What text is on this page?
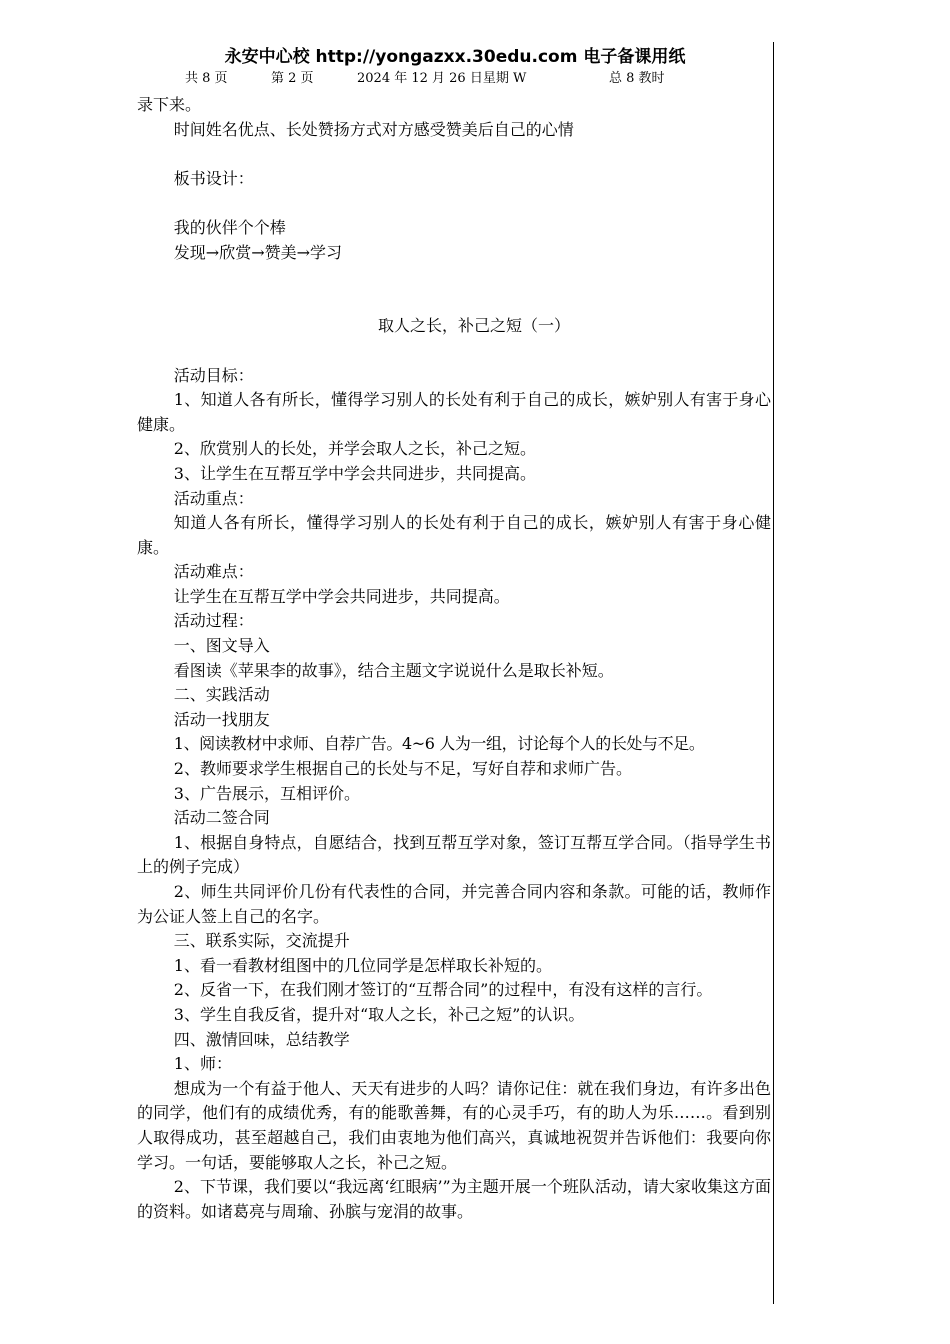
永安中心校 http://yongazxx.30edu.com 电子备课用纸
共 8 页	第 2 页	2024 年 12 月 26 日星期 W	总 8 教时

录下来。

时间姓名优点、长处赞扬方式对方感受赞美后自己的心情

板书设计：

我的伙伴个个棒

发现→欣赏→赞美→学习

取人之长，补己之短（一）

活动目标：

1、知道人各有所长，懂得学习别人的长处有利于自己的成长，嫉妒别人有害于身心健康。

2、欣赏别人的长处，并学会取人之长，补己之短。

3、让学生在互帮互学中学会共同进步，共同提高。

活动重点：

知道人各有所长，懂得学习别人的长处有利于自己的成长，嫉妒别人有害于身心健康。

活动难点：

让学生在互帮互学中学会共同进步，共同提高。

活动过程：

一、图文导入

看图读《苹果李的故事》，结合主题文字说说什么是取长补短。

二、实践活动

活动一找朋友

1、阅读教材中求师、自荐广告。4~6 人为一组，讨论每个人的长处与不足。

2、教师要求学生根据自己的长处与不足，写好自荐和求师广告。

3、广告展示，互相评价。

活动二签合同

1、根据自身特点，自愿结合，找到互帮互学对象，签订互帮互学合同。（指导学生书上的例子完成）

2、师生共同评价几份有代表性的合同，并完善合同内容和条款。可能的话，教师作为公证人签上自己的名字。

三、联系实际，交流提升

1、看一看教材组图中的几位同学是怎样取长补短的。

2、反省一下，在我们刚才签订的“互帮合同”的过程中，有没有这样的言行。

3、学生自我反省，提升对“取人之长，补己之短”的认识。

四、激情回味，总结教学

1、师：

想成为一个有益于他人、天天有进步的人吗？请你记住：就在我们身边，有许多出色的同学，他们有的成绩优秀，有的能歌善舞，有的心灵手巧，有的助人为乐……。看到别人取得成功，甚至超越自己，我们由衷地为他们高兴，真诚地祝贺并告诉他们：我要向你学习。一句话，要能够取人之长，补己之短。

2、下节课，我们要以“我远离‘红眼病’”为主题开展一个班队活动，请大家收集这方面的资料。如诸葛亮与周瑜、孙膑与宠涓的故事。
